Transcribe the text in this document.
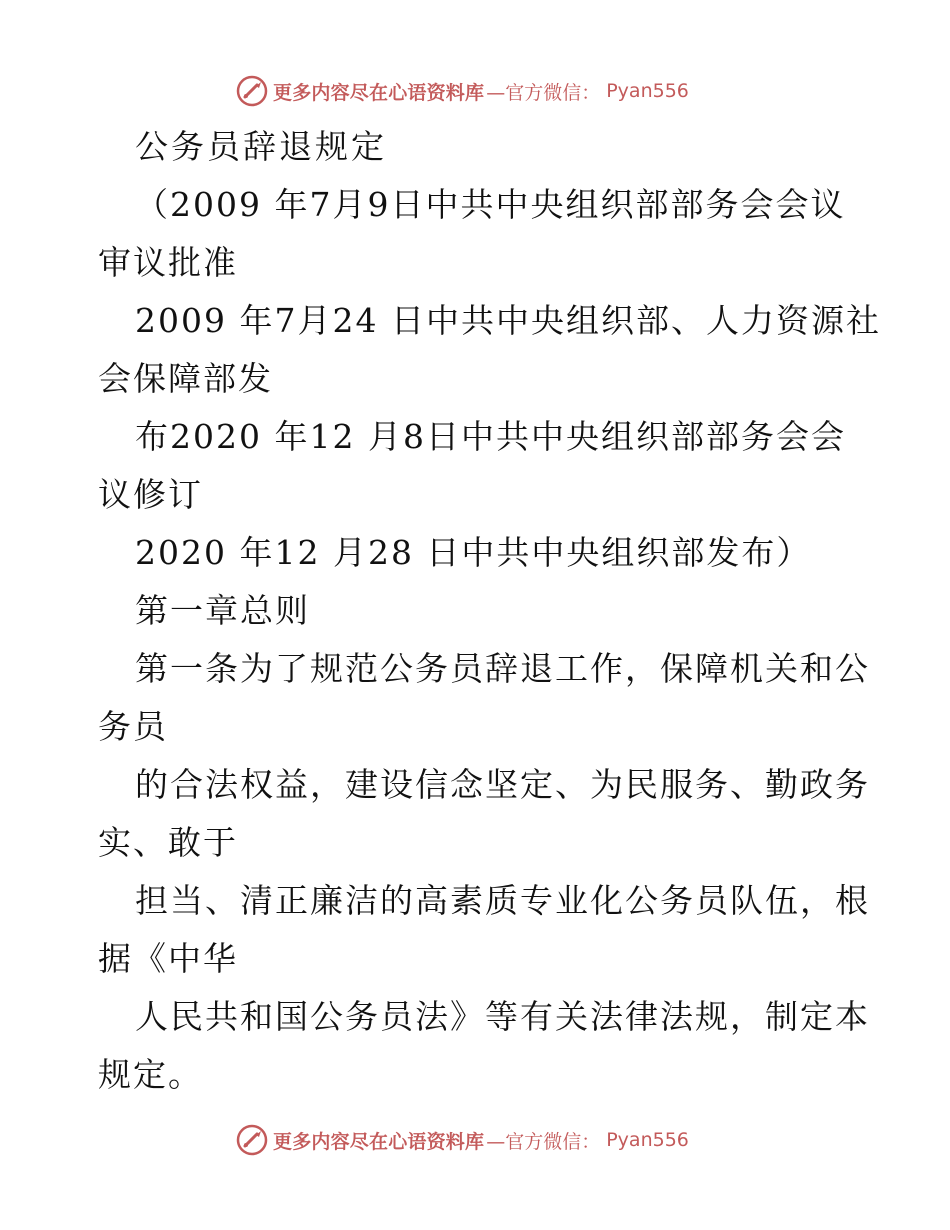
更多内容尽在心语资料库 —官方微信： Pyan556
公务员辞退规定
（2009 年7月9日中共中央组织部部务会会议
审议批准
2009 年7月24 日中共中央组织部、人力资源社
会保障部发
布2020 年12 月8日中共中央组织部部务会会
议修订
2020 年12 月28 日中共中央组织部发布）
第一章总则
第一条为了规范公务员辞退工作，保障机关和公
务员
的合法权益，建设信念坚定、为民服务、勤政务
实、敢于
担当、清正廉洁的高素质专业化公务员队伍，根
据《中华
人民共和国公务员法》等有关法律法规，制定本
规定。
更多内容尽在心语资料库 —官方微信： Pyan556
